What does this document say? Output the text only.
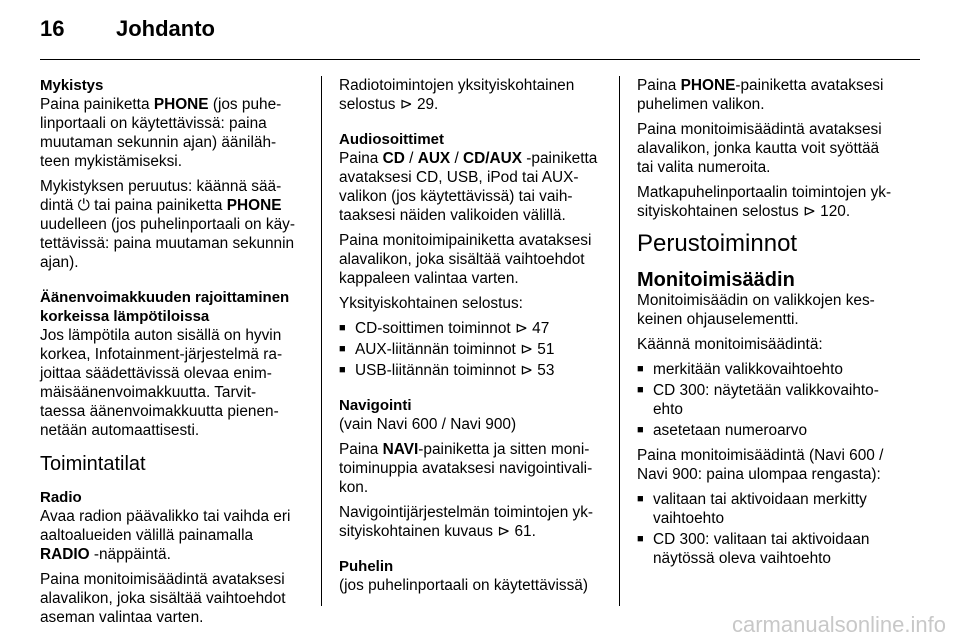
16 Johdanto
Mykistys

Paina painiketta PHONE (jos puhe-
linportaali on käytettävissä: paina
muutaman sekunnin ajan) ääniläh-
teen mykistämiseksi.

Mykistyksen peruutus: käännä sää-
dintä ⏻ tai paina painiketta PHONE
uudelleen (jos puhelinportaali on käy-
tettävissä: paina muutaman sekunnin
ajan).

Äänenvoimakkuuden rajoittaminen
korkeissa lämpötiloissa

Jos lämpötila auton sisällä on hyvin
korkea, Infotainment-järjestelmä ra-
joittaa säädettävissä olevaa enim-
mäisäänenvoimakkuutta. Tarvit-
taessa äänenvoimakkuutta pienen-
netään automaattisesti.

Toimintatilat
Radio

Avaa radion päävalikko tai vaihda eri
aaltoalueiden välillä painamalla
RADIO -näppäintä.

Paina monitoimisäädintä avataksesi
alavalikon, joka sisältää vaihtoehdot
aseman valintaa varten.

Radiotoimintojen yksityiskohtainen
selostus ⊳ 29.

Audiosoittimet

Paina CD / AUX / CD/AUX -painiketta
avataksesi CD, USB, iPod tai AUX-
valikon (jos käytettävissä) tai vaih-
taaksesi näiden valikoiden välillä.

Paina monitoimipainiketta avataksesi
alavalikon, joka sisältää vaihtoehdot
kappaleen valintaa varten.

Yksityiskohtainen selostus:

■ CD-soittimen toiminnot ⊳ 47
■ AUX-liitännän toiminnot ⊳ 51
■ USB-liitännän toiminnot ⊳ 53
Navigointi

(vain Navi 600 / Navi 900)

Paina NAVI-painiketta ja sitten moni-
toiminuppia avataksesi navigointivali-
kon.

Navigointijärjestelmän toimintojen yk-
sityiskohtainen kuvaus ⊳ 61.

Puhelin

(jos puhelinportaali on käytettävissä)

Paina PHONE-painiketta avataksesi
puhelimen valikon.

Paina monitoimisäädintä avataksesi
alavalikon, jonka kautta voit syöttää
tai valita numeroita.

Matkapuhelinportaalin toimintojen yk-
sityiskohtainen selostus ⊳ 120.

Perustoiminnot
Monitoimisäädin

Monitoimisäädin on valikkojen kes-
keinen ohjauselementti.

Käännä monitoimisäädintä:

■ merkitään valikkovaihtoehto
■ CD 300: näytetään valikkovaihto-
ehto
■ asetetaan numeroarvo

Paina monitoimisäädintä (Navi 600 /
Navi 900: paina ulompaa rengasta):

■ valitaan tai aktivoidaan merkitty
vaihtoehto
■ CD 300: valitaan tai aktivoidaan
näytössä oleva vaihtoehto
carmanualsonline.info
